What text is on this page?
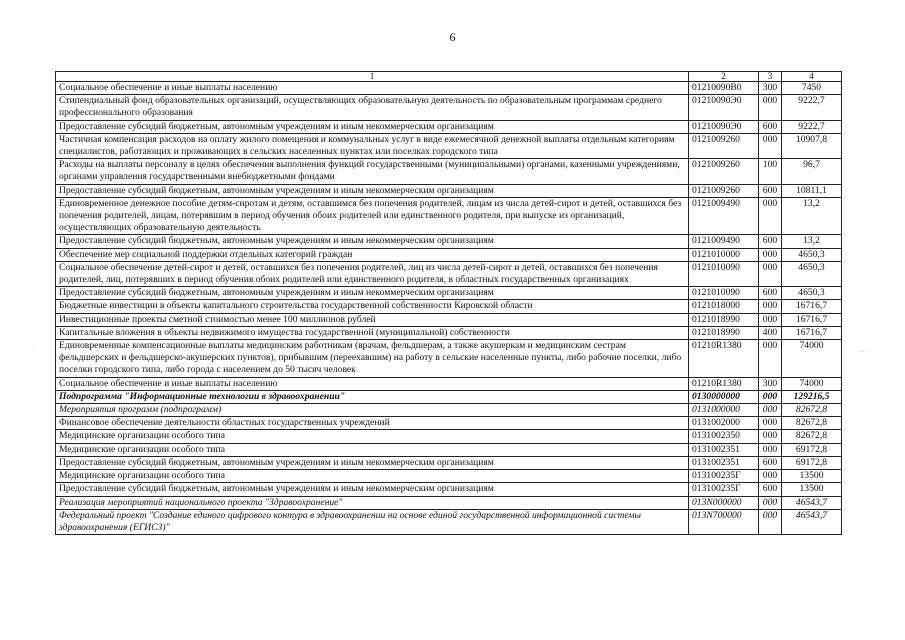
6
·
· - ·
1	2	3	4
Социальное обеспечение и иные выплаты населению	01210090В0	300	7450
Стипендиальный фонд образовательных организаций, осуществляющих образовательную деятельность по образовательным программам среднего профессионального образования	01210090Э0	000	9222,7
Предоставление субсидий бюджетным, автономным учреждениям и иным некоммерческим организациям	01210090Э0	600	9222,7
Частичная компенсация расходов на оплату жилого помещения и коммунальных услуг в виде ежемесячной денежной выплаты отдельным категориям специалистов, работающих и проживающих в сельских населенных пунктах или поселках городского типа	0121009260	000	10907,8
Расходы на выплаты персоналу в целях обеспечения выполнения функций государственными (муниципальными) органами, казенными учреждениями, органами управления государственными внебюджетными фондами	0121009260	100	96,7
Предоставление субсидий бюджетным, автономным учреждениям и иным некоммерческим организациям	0121009260	600	10811,1
Единовременное денежное пособие детям-сиротам и детям, оставшимся без попечения родителей, лицам из числа детей-сирот и детей, оставшихся без попечения родителей, лицам, потерявшим в период обучения обоих родителей или единственного родителя, при выпуске из организаций, осуществляющих образовательную деятельность	0121009490	000	13,2
Предоставление субсидий бюджетным, автономным учреждениям и иным некоммерческим организациям	0121009490	600	13,2
Обеспечение мер социальной поддержки отдельных категорий граждан	0121010000	000	4650,3
Социальное обеспечение детей-сирот и детей, оставшихся без попечения родителей, лиц из числа детей-сирот и детей, оставшихся без попечения родителей, лиц, потерявших в период обучения обоих родителей или единственного родителя, в областных государственных организациях	0121010090	000	4650,3
Предоставление субсидий бюджетным, автономным учреждениям и иным некоммерческим организациям	0121010090	600	4650,3
Бюджетные инвестиции в объекты капитального строительства государственной собственности Кировской области	0121018000	000	16716,7
Инвестиционные проекты сметной стоимостью менее 100 миллионов рублей	0121018990	000	16716,7
Капитальные вложения в объекты недвижимого имущества государственной (муниципальной) собственности	0121018990	400	16716,7
Единовременные компенсационные выплаты медицинским работникам (врачам, фельдшерам, а также акушеркам и медицинским сестрам фельдшерских и фельдшерско-акушерских пунктов), прибывшим (переехавшим) на работу в сельские населенные пункты, либо рабочие поселки, либо поселки городского типа, либо города с населением до 50 тысяч человек	01210R1380	000	74000
Социальное обеспечение и иные выплаты населению	01210R1380	300	74000
Подпрограмма "Информационные технологии в здравоохранении"	0130000000	000	129216,5
Мероприятия программ (подпрограмм)	0131000000	000	82672,8
Финансовое обеспечение деятельности областных государственных учреждений	0131002000	000	82672,8
Медицинские организации особого типа	0131002350	000	82672,8
Медицинские организации особого типа	0131002351	000	69172,8
Предоставление субсидий бюджетным, автономным учреждениям и иным некоммерческим организациям	0131002351	600	69172,8
Медицинские организации особого типа	013100235Г	000	13500
Предоставление субсидий бюджетным, автономным учреждениям и иным некоммерческим организациям	013100235Г	600	13500
Реализация мероприятий национального проекта "Здравоохранение"	013N000000	000	46543,7
Федеральный проект "Создание единого цифрового контура в здравоохранении на основе единой государственной информационной системы здравоохранения (ЕГИСЗ)"	013N700000	000	46543,7
